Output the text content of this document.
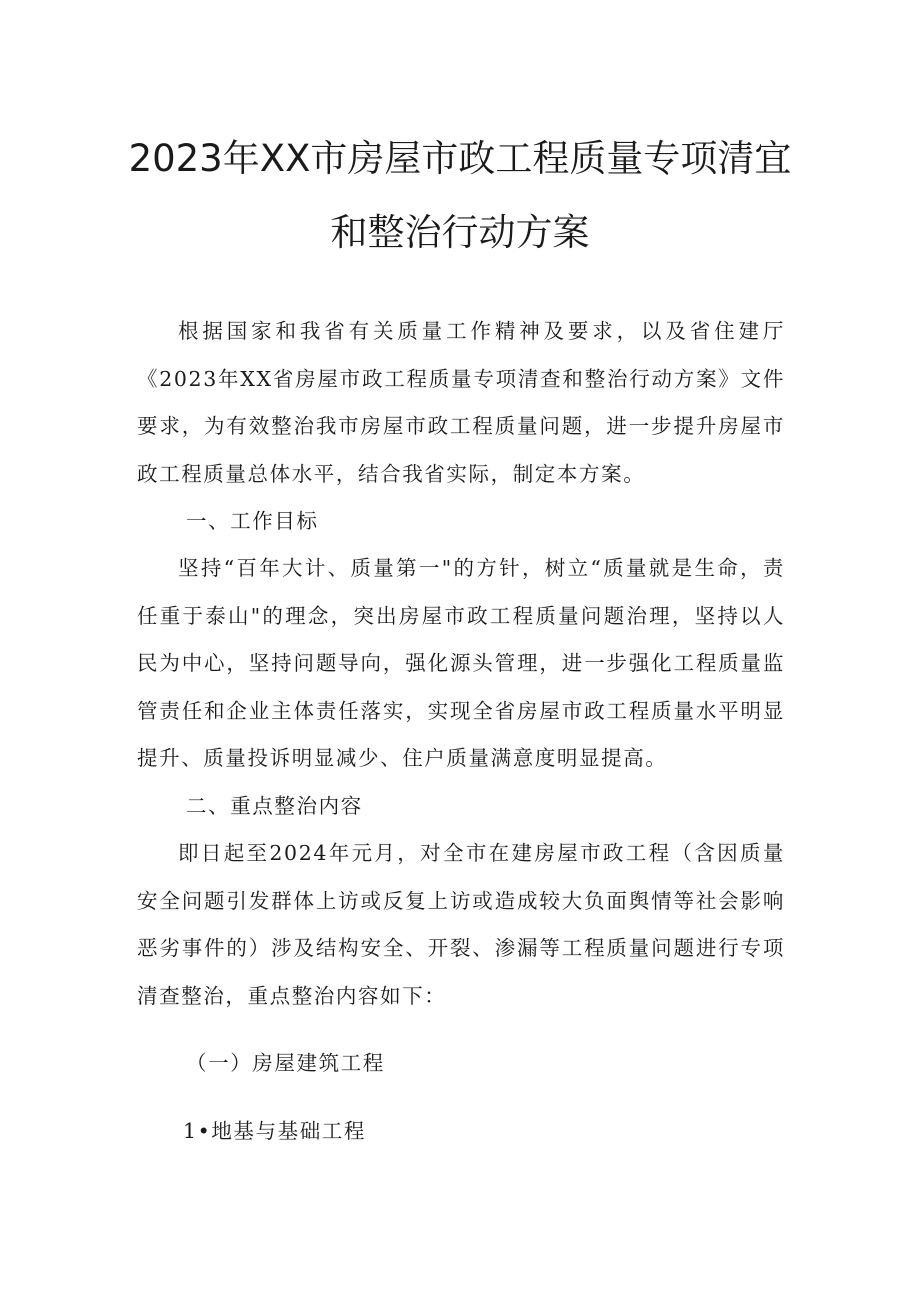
2023年XX市房屋市政工程质量专项清宜
和整治行动方案

根据国家和我省有关质量工作精神及要求，以及省住建厅《2023年XX省房屋市政工程质量专项清查和整治行动方案》文件要求，为有效整治我市房屋市政工程质量问题，进一步提升房屋市政工程质量总体水平，结合我省实际，制定本方案。

一、工作目标

坚持“百年大计、质量第一"的方针，树立“质量就是生命，责任重于泰山"的理念，突出房屋市政工程质量问题治理，坚持以人民为中心，坚持问题导向，强化源头管理，进一步强化工程质量监管责任和企业主体责任落实，实现全省房屋市政工程质量水平明显提升、质量投诉明显减少、住户质量满意度明显提高。

二、重点整治内容

即日起至2024年元月，对全市在建房屋市政工程（含因质量安全问题引发群体上访或反复上访或造成较大负面舆情等社会影响恶劣事件的）涉及结构安全、开裂、渗漏等工程质量问题进行专项清查整治，重点整治内容如下：

（一）房屋建筑工程

1•地基与基础工程
